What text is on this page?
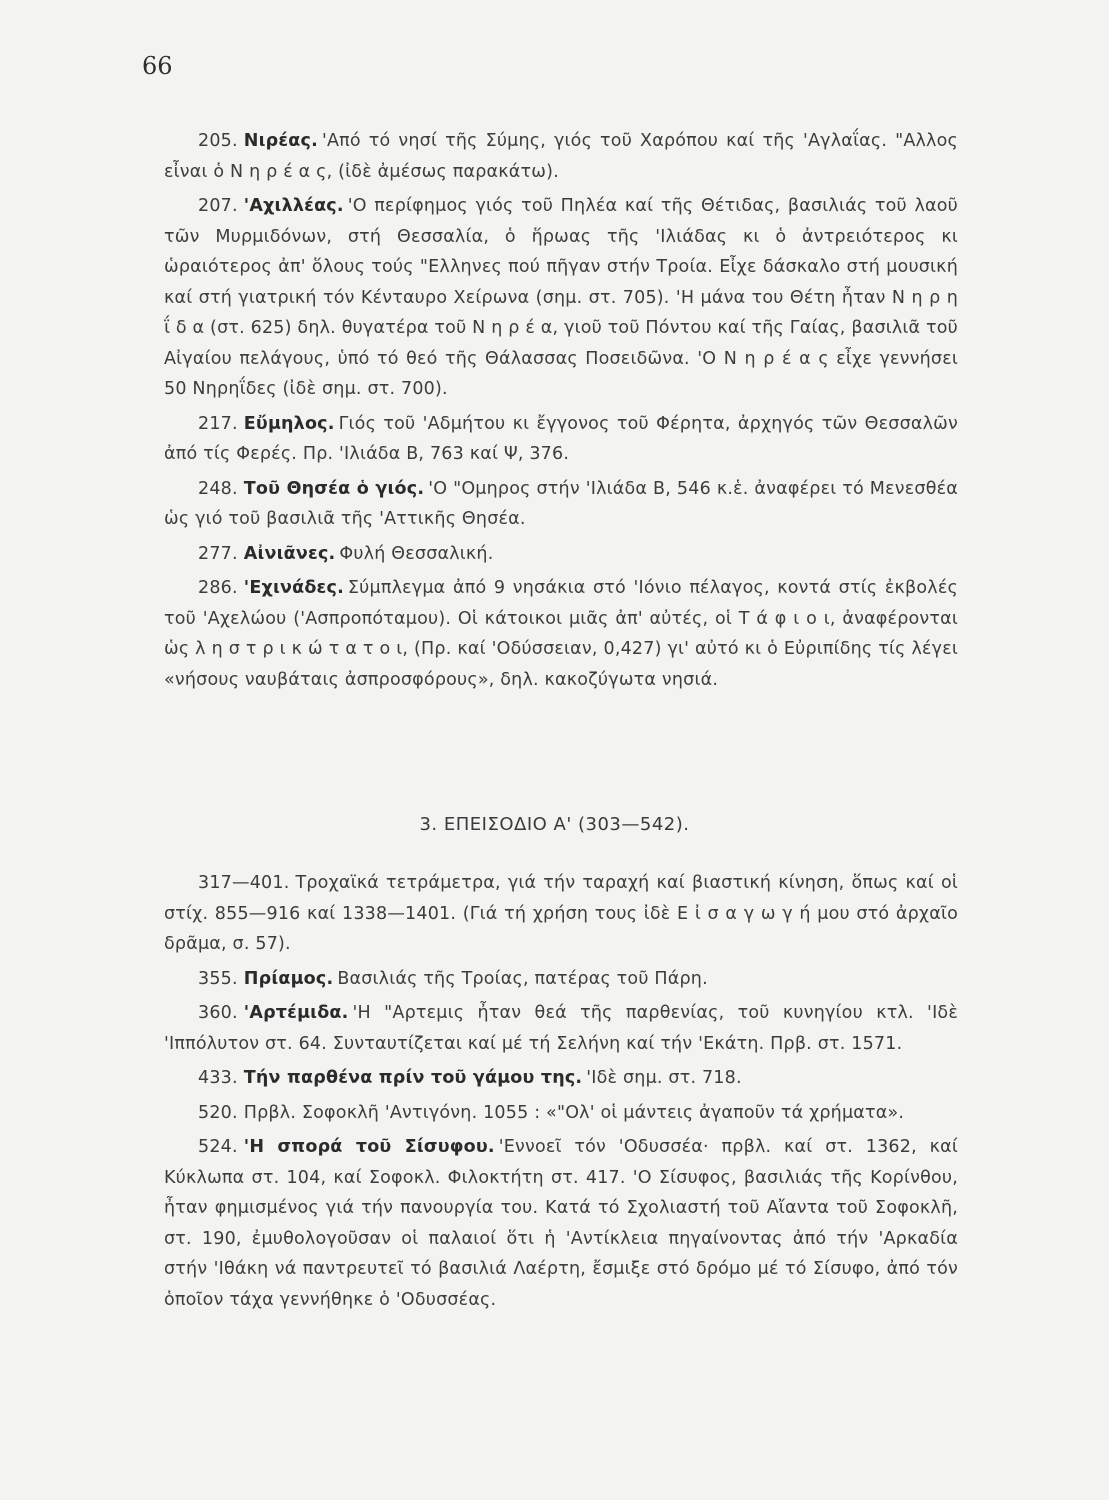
66

205. Νιρέας. 'Από τό νησί τῆς Σύμης, γιός τοῦ Χαρόπου καί τῆς 'Αγλαΐας. "Αλλος εἶναι ὁ Ν η ρ έ α ς, (ἰδὲ ἀμέσως παρακάτω).

207. 'Αχιλλέας. 'Ο περίφημος γιός τοῦ Πηλέα καί τῆς Θέτιδας, βασιλιάς τοῦ λαοῦ τῶν Μυρμιδόνων, στή Θεσσαλία, ὁ ἥρωας τῆς 'Ιλιάδας κι ὁ ἀντρειότερος κι ὡραιότερος ἀπ' ὅλους τούς "Ελληνες πού πῆγαν στήν Τροία. Εἶχε δάσκαλο στή μουσική καί στή γιατρική τόν Κένταυρο Χείρωνα (σημ. στ. 705). 'Η μάνα του Θέτη ἦταν Ν η ρ η ΐ δ α (στ. 625) δηλ. θυγατέρα τοῦ Ν η ρ έ α, γιοῦ τοῦ Πόντου καί τῆς Γαίας, βασιλιᾶ τοῦ Αἰγαίου πελάγους, ὑπό τό θεό τῆς Θάλασσας Ποσειδῶνα. 'Ο Ν η ρ έ α ς εἶχε γεννήσει 50 Νηρηΐδες (ἰδὲ σημ. στ. 700).

217. Εὔμηλος. Γιός τοῦ 'Αδμήτου κι ἔγγονος τοῦ Φέρητα, ἀρχηγός τῶν Θεσσαλῶν ἀπό τίς Φερές. Πρ. 'Ιλιάδα Β, 763 καί Ψ, 376.

248. Τοῦ Θησέα ὁ γιός. 'Ο "Ομηρος στήν 'Ιλιάδα Β, 546 κ.ἑ. ἀναφέρει τό Μενεσθέα ὡς γιό τοῦ βασιλιᾶ τῆς 'Αττικῆς Θησέα.

277. Αἰνιᾶνες. Φυλή Θεσσαλική.

286. 'Εχινάδες. Σύμπλεγμα ἀπό 9 νησάκια στό 'Ιόνιο πέλαγος, κοντά στίς ἐκβολές τοῦ 'Αχελώου ('Ασπροπόταμου). Οἱ κάτοικοι μιᾶς ἀπ' αὐτές, οἱ Τ ά φ ι ο ι, ἀναφέρονται ὡς λ η σ τ ρ ι κ ώ τ α τ ο ι, (Πρ. καί 'Οδύσσειαν, 0,427) γι' αὐτό κι ὁ Εὐριπίδης τίς λέγει «νήσους ναυβάταις ἀσπροσφόρους», δηλ. κακοζύγωτα νησιά.

3. ΕΠΕΙΣΟΔΙΟ Α' (303—542).

317—401. Τροχαϊκά τετράμετρα, γιά τήν ταραχή καί βιαστική κίνηση, ὅπως καί οἱ στίχ. 855—916 καί 1338—1401. (Γιά τή χρήση τους ἰδὲ Ε ἰ σ α γ ω γ ή μου στό ἀρχαῖο δρᾶμα, σ. 57).

355. Πρίαμος. Βασιλιάς τῆς Τροίας, πατέρας τοῦ Πάρη.

360. 'Αρτέμιδα. 'Η "Αρτεμις ἦταν θεά τῆς παρθενίας, τοῦ κυνηγίου κτλ. 'Ιδὲ 'Ιππόλυτον στ. 64. Συνταυτίζεται καί μέ τή Σελήνη καί τήν 'Εκάτη. Πρβ. στ. 1571.

433. Τήν παρθένα πρίν τοῦ γάμου της. 'Ιδὲ σημ. στ. 718.

520. Πρβλ. Σοφοκλῆ 'Αντιγόνη. 1055 : «"Ολ' οἱ μάντεις ἀγαποῦν τά χρήματα».

524. 'Η σπορά τοῦ Σίσυφου. 'Εννοεῖ τόν 'Οδυσσέα· πρβλ. καί στ. 1362, καί Κύκλωπα στ. 104, καί Σοφοκλ. Φιλοκτήτη στ. 417. 'Ο Σίσυφος, βασιλιάς τῆς Κορίνθου, ἦταν φημισμένος γιά τήν πανουργία του. Κατά τό Σχολιαστή τοῦ Αἴαντα τοῦ Σοφοκλῆ, στ. 190, ἐμυθολογοῦσαν οἱ παλαιοί ὅτι ἡ 'Αντίκλεια πηγαίνοντας ἀπό τήν 'Αρκαδία στήν 'Ιθάκη νά παντρευτεῖ τό βασιλιά Λαέρτη, ἔσμιξε στό δρόμο μέ τό Σίσυφο, ἀπό τόν ὁποῖον τάχα γεννήθηκε ὁ 'Οδυσσέας.
